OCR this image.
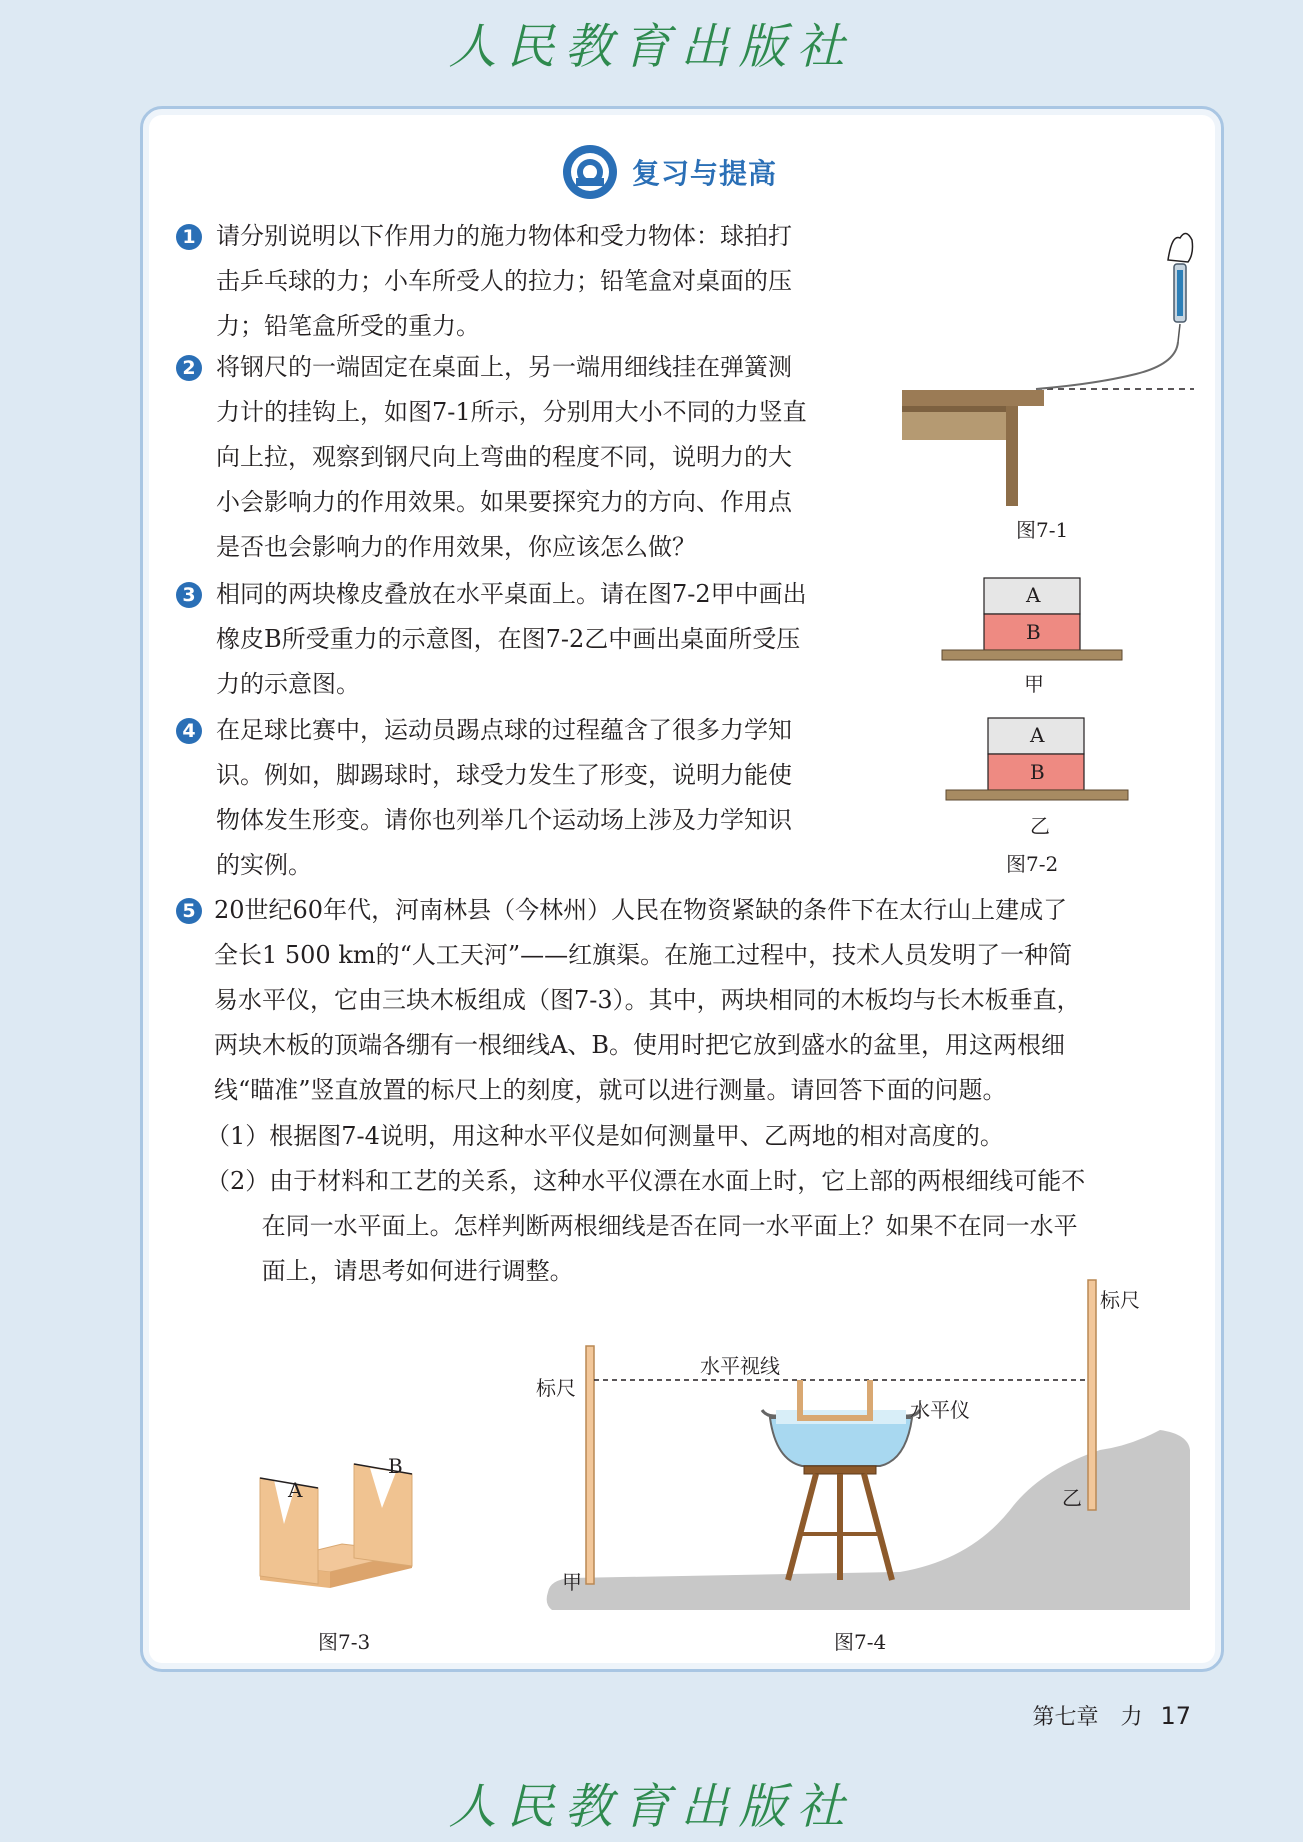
人民教育出版社
复习与提高
1 请分别说明以下作用力的施力物体和受力物体：球拍打
击乒乓球的力；小车所受人的拉力；铅笔盒对桌面的压
力；铅笔盒所受的重力。
2 将钢尺的一端固定在桌面上，另一端用细线挂在弹簧测
力计的挂钩上，如图7-1所示，分别用大小不同的力竖直
向上拉，观察到钢尺向上弯曲的程度不同，说明力的大
小会影响力的作用效果。如果要探究力的方向、作用点
是否也会影响力的作用效果，你应该怎么做？
3 相同的两块橡皮叠放在水平桌面上。请在图7-2甲中画出
橡皮B所受重力的示意图，在图7-2乙中画出桌面所受压
力的示意图。
4 在足球比赛中，运动员踢点球的过程蕴含了很多力学知
识。例如，脚踢球时，球受力发生了形变，说明力能使
物体发生形变。请你也列举几个运动场上涉及力学知识
的实例。
5 20世纪60年代，河南林县（今林州）人民在物资紧缺的条件下在太行山上建成了
全长1 500 km的“人工天河”——红旗渠。在施工过程中，技术人员发明了一种简
易水平仪，它由三块木板组成（图7-3）。其中，两块相同的木板均与长木板垂直，
两块木板的顶端各绷有一根细线A、B。使用时把它放到盛水的盆里，用这两根细
线“瞄准”竖直放置的标尺上的刻度，就可以进行测量。请回答下面的问题。
（1）根据图7-4说明，用这种水平仪是如何测量甲、乙两地的相对高度的。
（2）由于材料和工艺的关系，这种水平仪漂在水面上时，它上部的两根细线可能不
　　 在同一水平面上。怎样判断两根细线是否在同一水平面上？如果不在同一水平
　　 面上，请思考如何进行调整。
图7-1
A
B
甲
A
B
乙
图7-2
A
B
图7-3
标尺
标尺
水平视线
水平仪
甲
乙
图7-4
第七章　力 17
人民教育出版社
